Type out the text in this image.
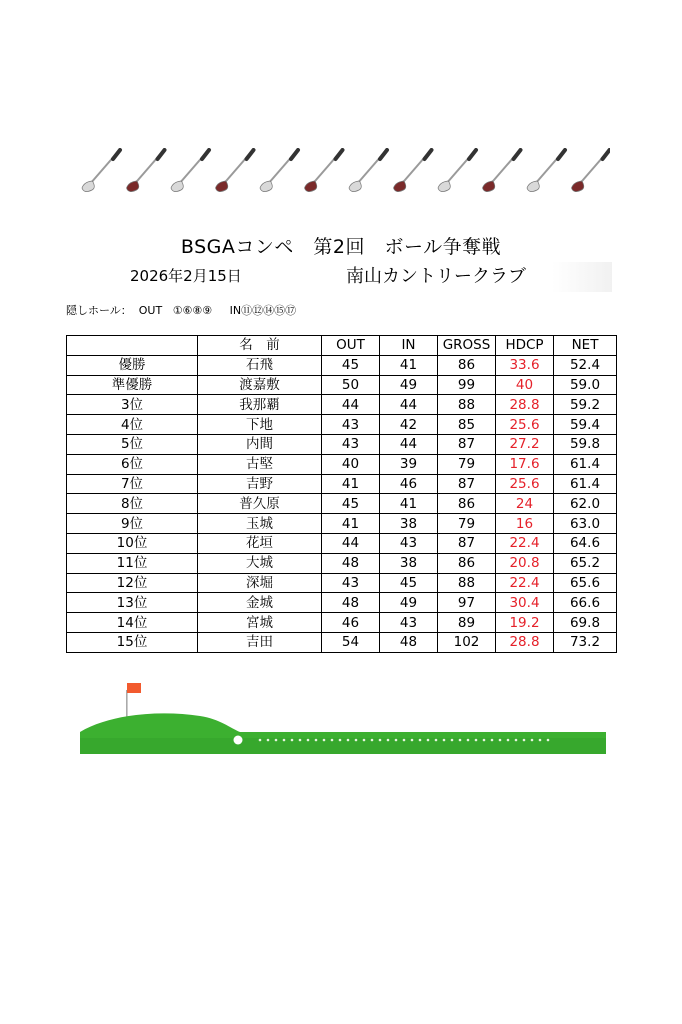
BSGAコンペ　第2回　ボール争奪戦
2026年2月15日	南山カントリークラブ
隠しホール：  OUT   ①⑥⑧⑨     IN⑪⑫⑭⑮⑰
	名　前	OUT	IN	GROSS	HDCP	NET
優勝	石飛	45	41	86	33.6	52.4
準優勝	渡嘉敷	50	49	99	40	59.0
3位	我那覇	44	44	88	28.8	59.2
4位	下地	43	42	85	25.6	59.4
5位	内間	43	44	87	27.2	59.8
6位	古堅	40	39	79	17.6	61.4
7位	吉野	41	46	87	25.6	61.4
8位	普久原	45	41	86	24	62.0
9位	玉城	41	38	79	16	63.0
10位	花垣	44	43	87	22.4	64.6
11位	大城	48	38	86	20.8	65.2
12位	深堀	43	45	88	22.4	65.6
13位	金城	48	49	97	30.4	66.6
14位	宮城	46	43	89	19.2	69.8
15位	吉田	54	48	102	28.8	73.2
